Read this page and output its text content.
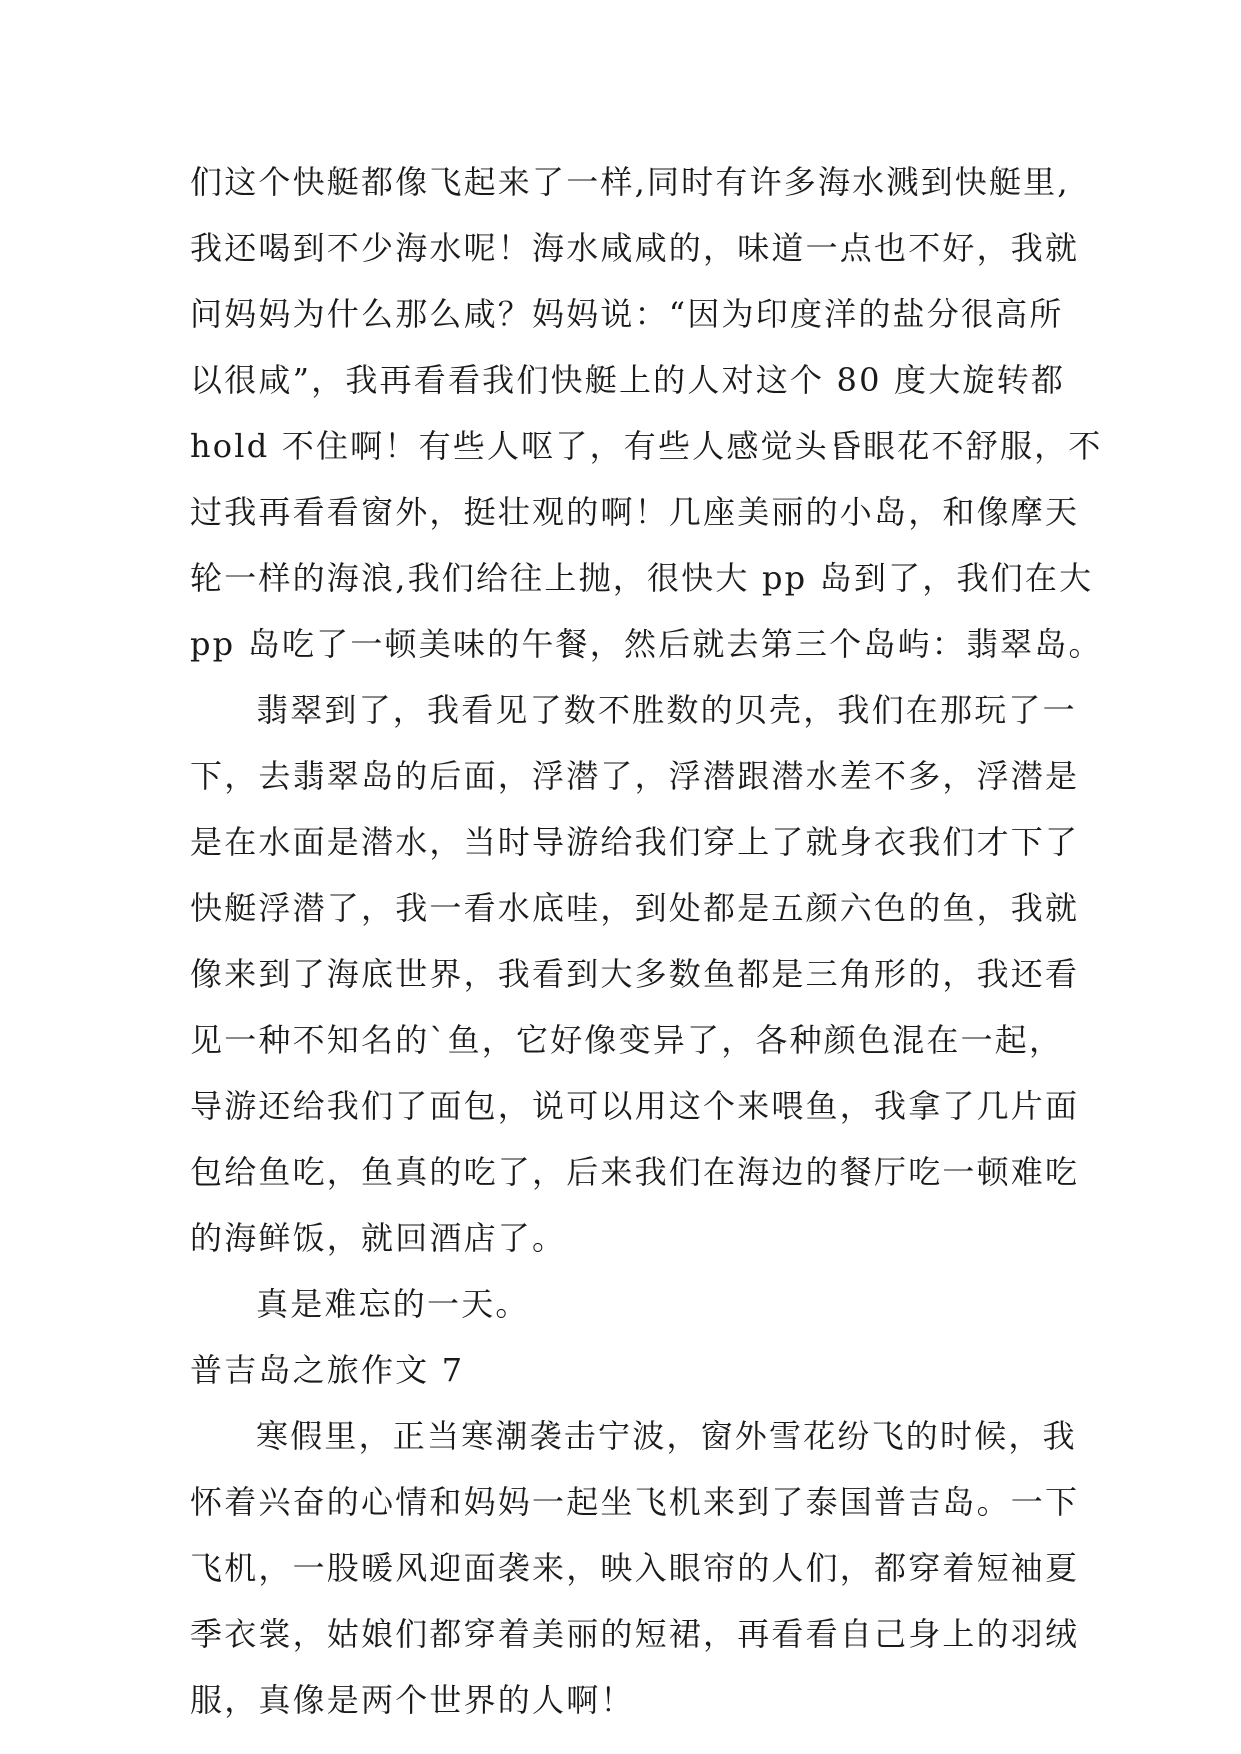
们这个快艇都像飞起来了一样,同时有许多海水溅到快艇里,
我还喝到不少海水呢！海水咸咸的，味道一点也不好，我就
问妈妈为什么那么咸？妈妈说：“因为印度洋的盐分很高所
以很咸”，我再看看我们快艇上的人对这个 80 度大旋转都
hold 不住啊！有些人呕了，有些人感觉头昏眼花不舒服，不
过我再看看窗外，挺壮观的啊！几座美丽的小岛，和像摩天
轮一样的海浪,我们给往上抛，很快大 pp 岛到了，我们在大
pp 岛吃了一顿美味的午餐，然后就去第三个岛屿：翡翠岛。
翡翠到了，我看见了数不胜数的贝壳，我们在那玩了一
下，去翡翠岛的后面，浮潜了，浮潜跟潜水差不多，浮潜是
是在水面是潜水，当时导游给我们穿上了就身衣我们才下了
快艇浮潜了，我一看水底哇，到处都是五颜六色的鱼，我就
像来到了海底世界，我看到大多数鱼都是三角形的，我还看
见一种不知名的`鱼，它好像变异了，各种颜色混在一起，
导游还给我们了面包，说可以用这个来喂鱼，我拿了几片面
包给鱼吃，鱼真的吃了，后来我们在海边的餐厅吃一顿难吃
的海鲜饭，就回酒店了。
真是难忘的一天。
普吉岛之旅作文 7
寒假里，正当寒潮袭击宁波，窗外雪花纷飞的时候，我
怀着兴奋的心情和妈妈一起坐飞机来到了泰国普吉岛。一下
飞机，一股暖风迎面袭来，映入眼帘的人们，都穿着短袖夏
季衣裳，姑娘们都穿着美丽的短裙，再看看自己身上的羽绒
服，真像是两个世界的人啊！
